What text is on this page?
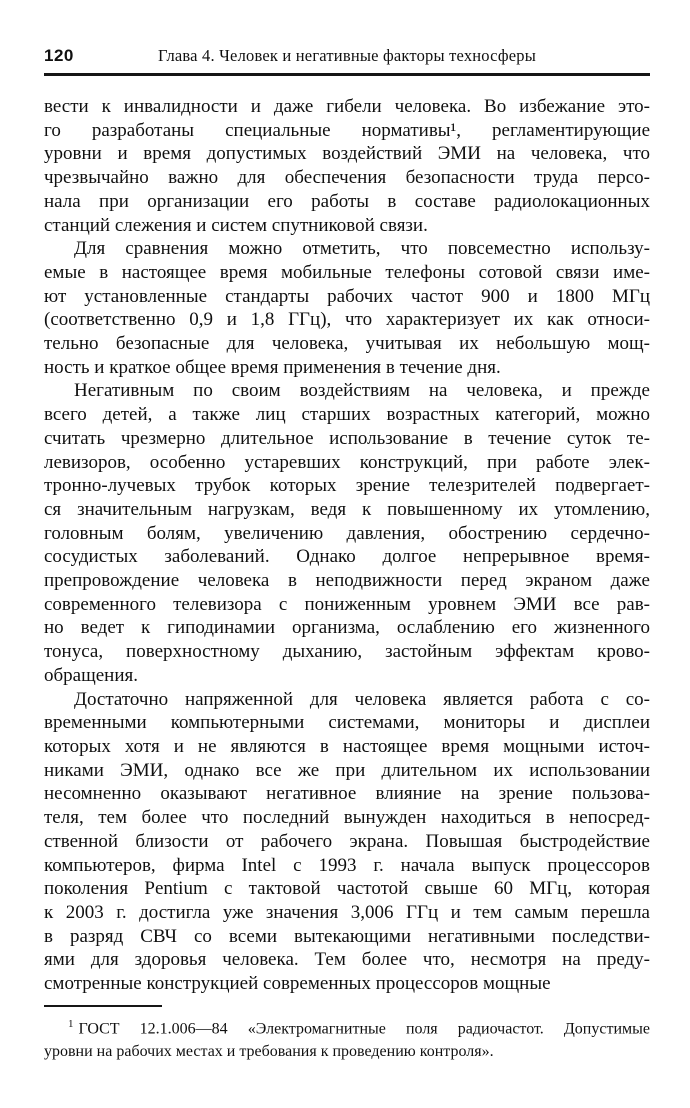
120	Глава 4. Человек и негативные факторы техносферы
вести к инвалидности и даже гибели человека. Во избежание это-
го разработаны специальные нормативы¹, регламентирующие
уровни и время допустимых воздействий ЭМИ на человека, что
чрезвычайно важно для обеспечения безопасности труда персо-
нала при организации его работы в составе радиолокационных
станций слежения и систем спутниковой связи.
Для сравнения можно отметить, что повсеместно использу-
емые в настоящее время мобильные телефоны сотовой связи име-
ют установленные стандарты рабочих частот 900 и 1800 МГц
(соответственно 0,9 и 1,8 ГГц), что характеризует их как относи-
тельно безопасные для человека, учитывая их небольшую мощ-
ность и краткое общее время применения в течение дня.
Негативным по своим воздействиям на человека, и прежде
всего детей, а также лиц старших возрастных категорий, можно
считать чрезмерно длительное использование в течение суток те-
левизоров, особенно устаревших конструкций, при работе элек-
тронно-лучевых трубок которых зрение телезрителей подвергает-
ся значительным нагрузкам, ведя к повышенному их утомлению,
головным болям, увеличению давления, обострению сердечно-
сосудистых заболеваний. Однако долгое непрерывное время-
препровождение человека в неподвижности перед экраном даже
современного телевизора с пониженным уровнем ЭМИ все рав-
но ведет к гиподинамии организма, ослаблению его жизненного
тонуса, поверхностному дыханию, застойным эффектам крово-
обращения.
Достаточно напряженной для человека является работа с со-
временными компьютерными системами, мониторы и дисплеи
которых хотя и не являются в настоящее время мощными источ-
никами ЭМИ, однако все же при длительном их использовании
несомненно оказывают негативное влияние на зрение пользова-
теля, тем более что последний вынужден находиться в непосред-
ственной близости от рабочего экрана. Повышая быстродействие
компьютеров, фирма Intel с 1993 г. начала выпуск процессоров
поколения Pentium с тактовой частотой свыше 60 МГц, которая
к 2003 г. достигла уже значения 3,006 ГГц и тем самым перешла
в разряд СВЧ со всеми вытекающими негативными последстви-
ями для здоровья человека. Тем более что, несмотря на преду-
смотренные конструкцией современных процессоров мощные
$^1$ ГОСТ 12.1.006—84 «Электромагнитные поля радиочастот. Допустимые
уровни на рабочих местах и требования к проведению контроля».
